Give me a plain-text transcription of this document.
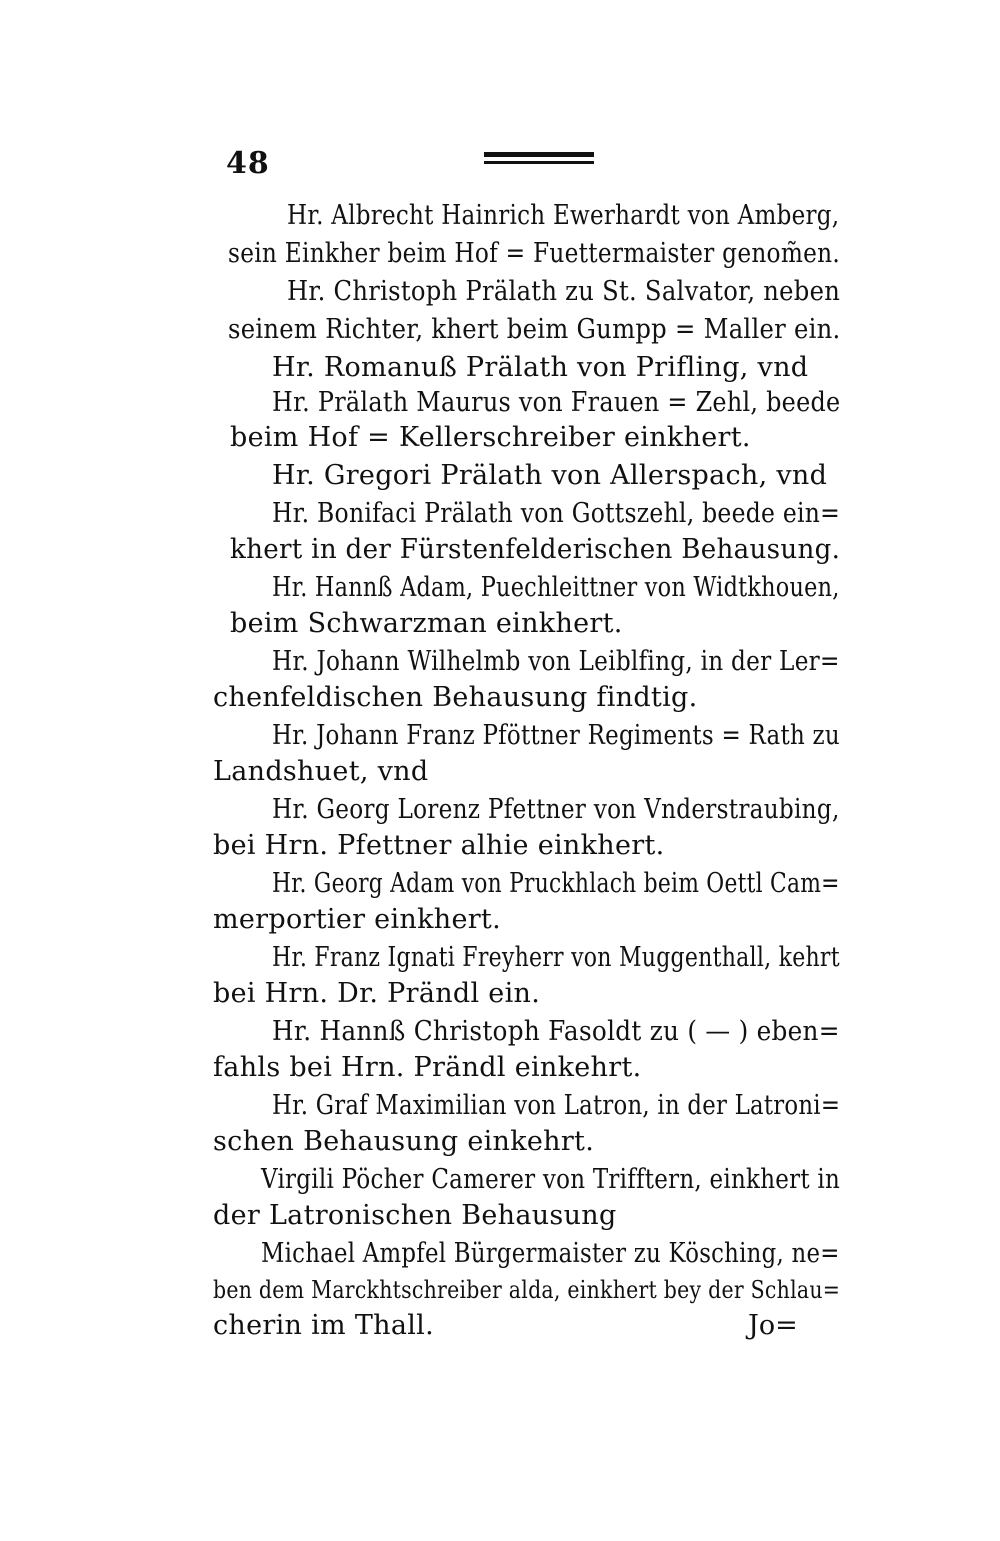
48
Hr. Albrecht Hainrich Ewerhardt von Amberg,
sein Einkher beim Hof = Fuettermaister genom̃en.
Hr. Christoph Prälath zu St. Salvator, neben
seinem Richter, khert beim Gumpp = Maller ein.
Hr. Romanuß Prälath von Prifling, vnd
Hr. Prälath Maurus von Frauen = Zehl, beede
beim Hof = Kellerschreiber einkhert.
Hr. Gregori Prälath von Allerspach, vnd
Hr. Bonifaci Prälath von Gottszehl, beede ein=
khert in der Fürstenfelderischen Behausung.
Hr. Hannß Adam, Puechleittner von Widtkhouen,
beim Schwarzman einkhert.
Hr. Johann Wilhelmb von Leiblfing, in der Ler=
chenfeldischen Behausung findtig.
Hr. Johann Franz Pföttner Regiments = Rath zu
Landshuet, vnd
Hr. Georg Lorenz Pfettner von Vnderstraubing,
bei Hrn. Pfettner alhie einkhert.
Hr. Georg Adam von Pruckhlach beim Oettl Cam=
merportier einkhert.
Hr. Franz Ignati Freyherr von Muggenthall, kehrt
bei Hrn. Dr. Prändl ein.
Hr. Hannß Christoph Fasoldt zu ( — ) eben=
fahls bei Hrn. Prändl einkehrt.
Hr. Graf Maximilian von Latron, in der Latroni=
schen Behausung einkehrt.
Virgili Pöcher Camerer von Trifftern, einkhert in
der Latronischen Behausung
Michael Ampfel Bürgermaister zu Kösching, ne=
ben dem Marckhtschreiber alda, einkhert bey der Schlau=
cherin im Thall.	Jo=
